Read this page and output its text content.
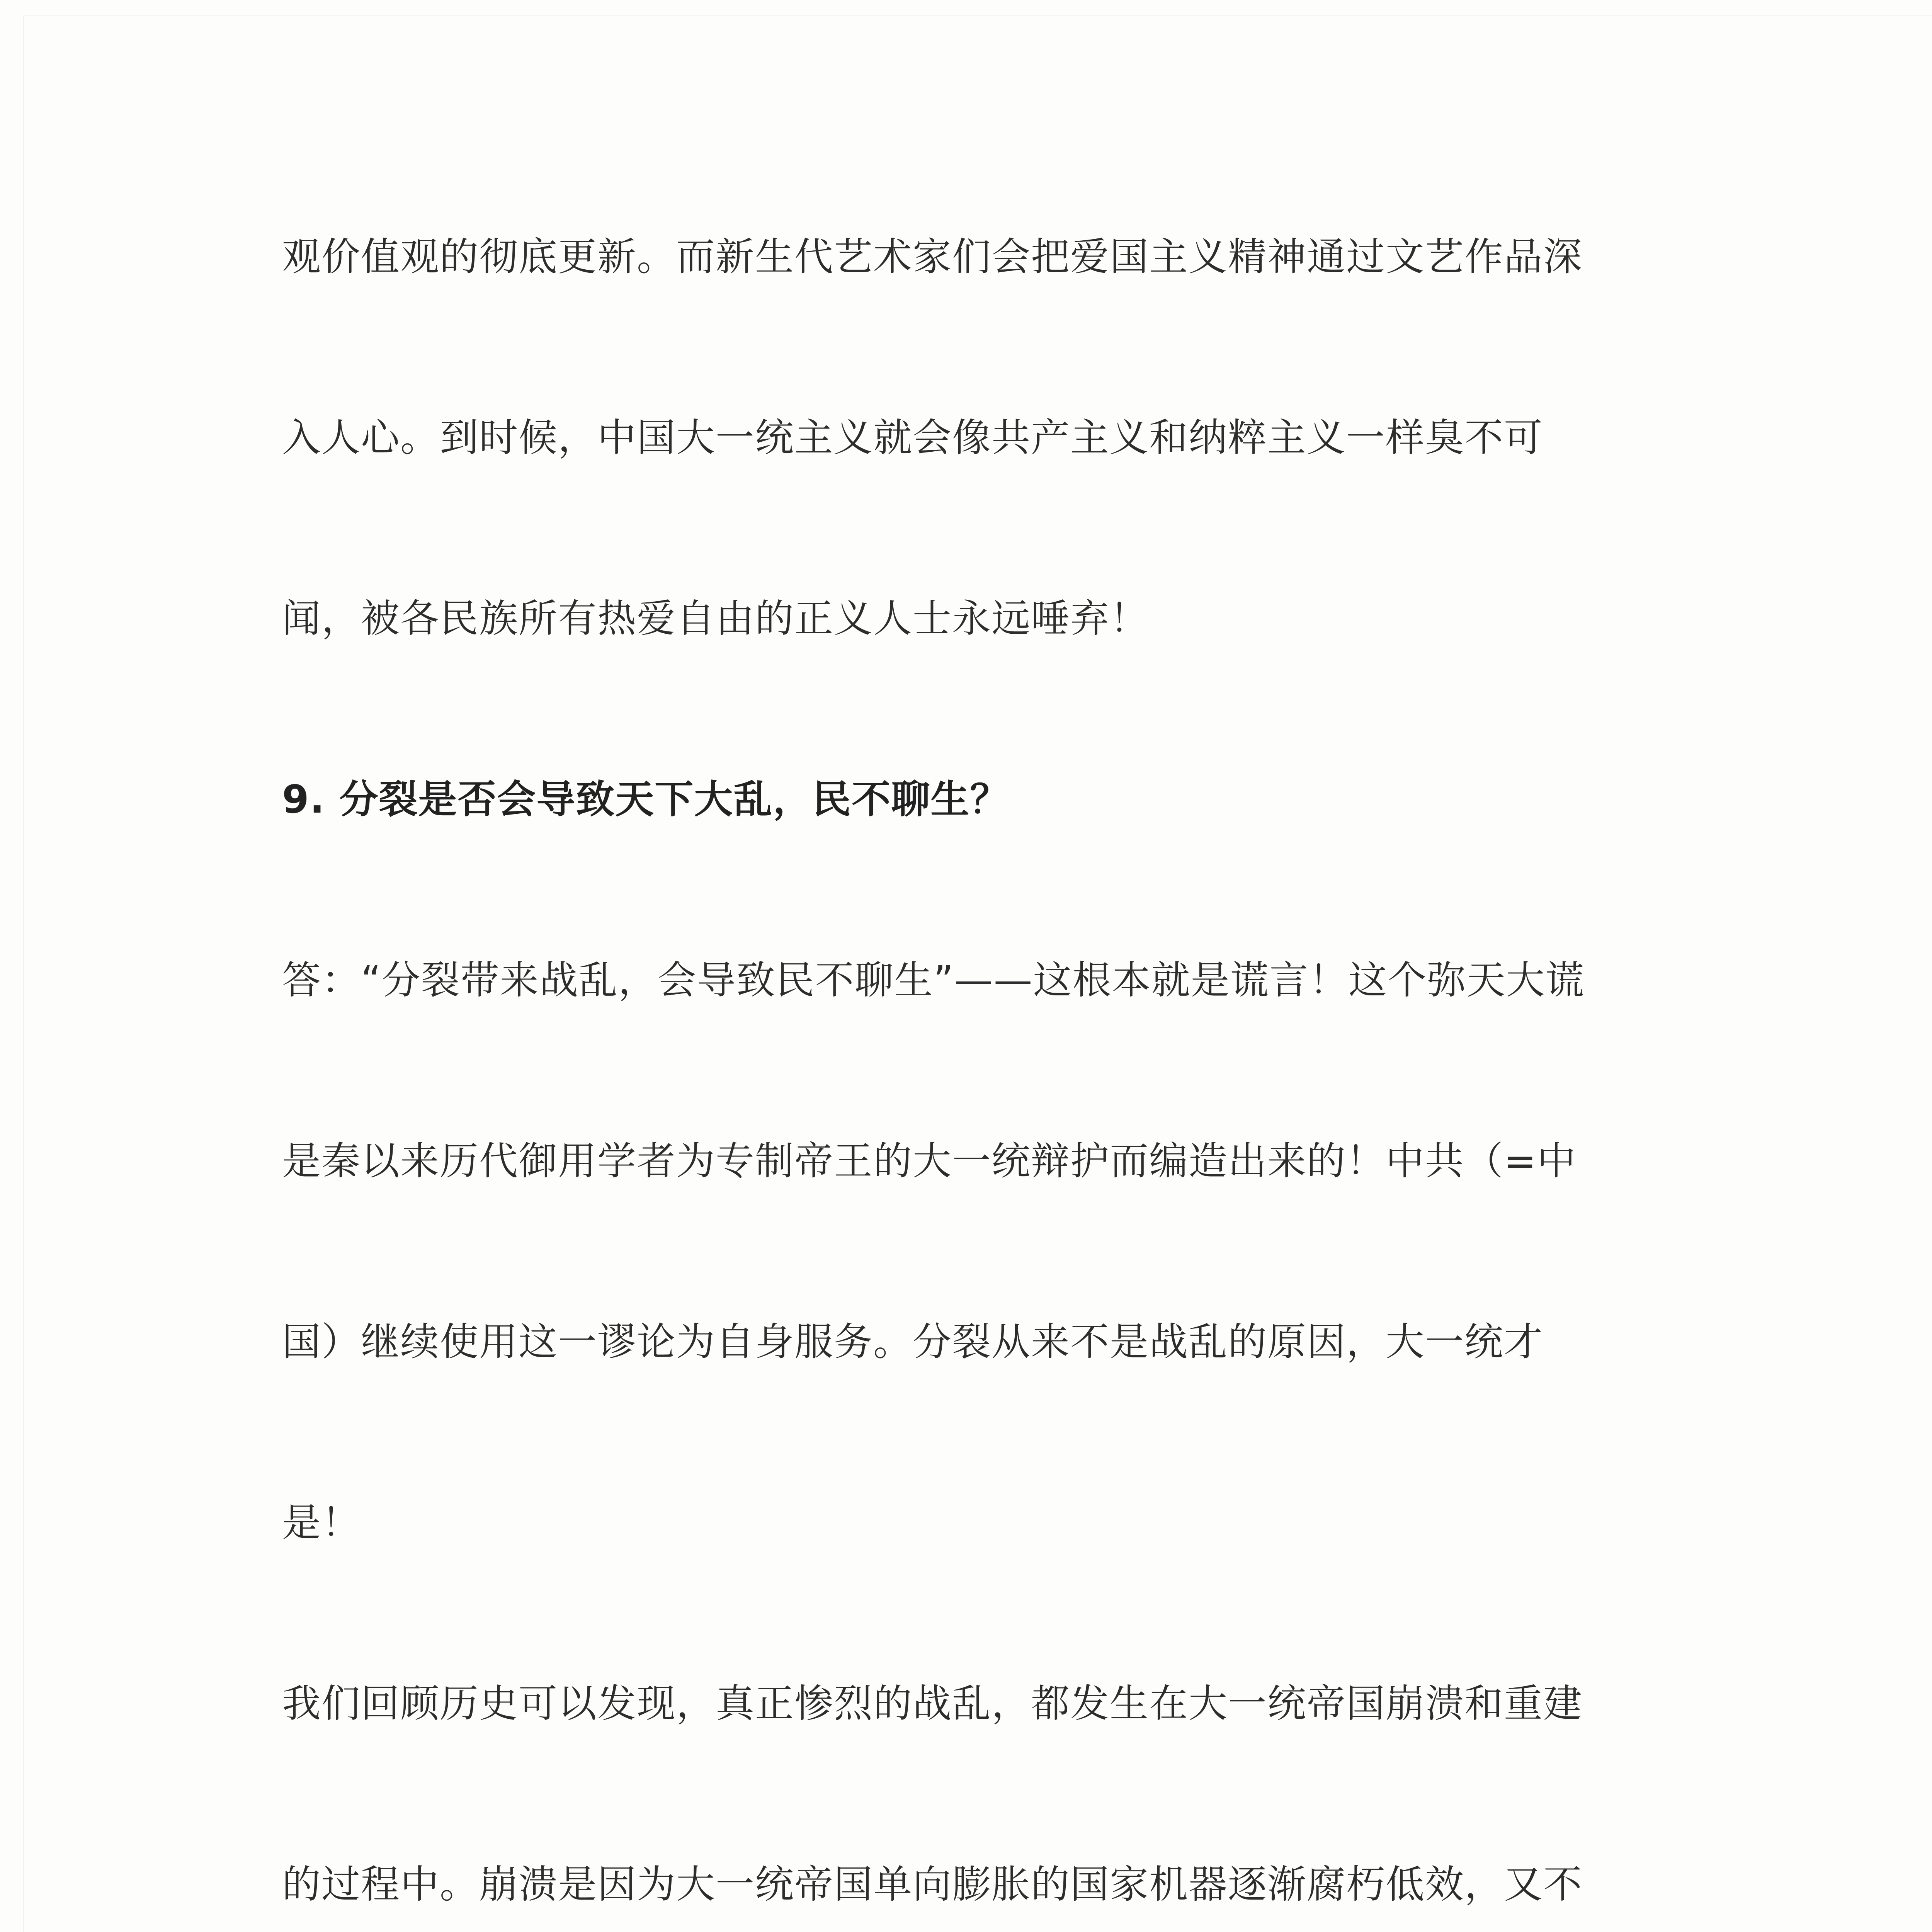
观价值观的彻底更新。而新生代艺术家们会把爱国主义精神通过文艺作品深
入人心。到时候，中国大一统主义就会像共产主义和纳粹主义一样臭不可
闻，被各民族所有热爱自由的正义人士永远唾弃！
9. 分裂是否会导致天下大乱，民不聊生？
答：“分裂带来战乱，会导致民不聊生”——这根本就是谎言！这个弥天大谎
是秦以来历代御用学者为专制帝王的大一统辩护而编造出来的！中共（=中
国）继续使用这一谬论为自身服务。分裂从来不是战乱的原因，大一统才
是！
我们回顾历史可以发现，真正惨烈的战乱，都发生在大一统帝国崩溃和重建
的过程中。崩溃是因为大一统帝国单向膨胀的国家机器逐渐腐朽低效，又不
